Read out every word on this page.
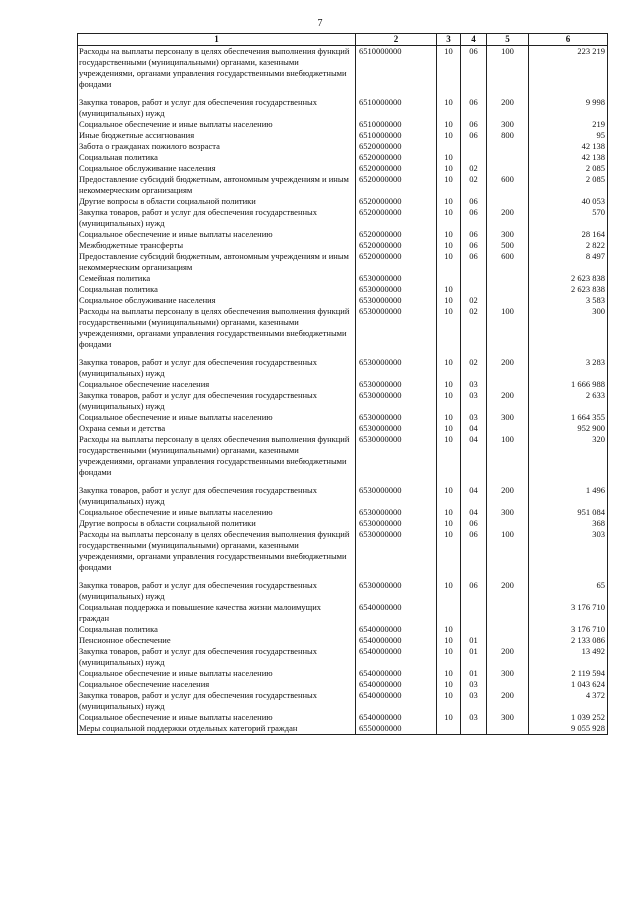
7
1	2	3	4	5	6
Расходы на выплаты персоналу в целях обеспечения выполнения функций государственными (муниципальными) органами, казенными учреждениями, органами управления государственными внебюджетными фондами	6510000000	10	06	100	223 219
Закупка товаров, работ и услуг для обеспечения государственных (муниципальных) нужд	6510000000	10	06	200	9 998
Социальное обеспечение и иные выплаты населению	6510000000	10	06	300	219
Иные бюджетные ассигнования	6510000000	10	06	800	95
Забота о гражданах пожилого возраста	6520000000				42 138
Социальная политика	6520000000	10			42 138
Социальное обслуживание населения	6520000000	10	02		2 085
Предоставление субсидий бюджетным, автономным учреждениям и иным некоммерческим организациям	6520000000	10	02	600	2 085
Другие вопросы в области социальной политики	6520000000	10	06		40 053
Закупка товаров, работ и услуг для обеспечения государственных (муниципальных) нужд	6520000000	10	06	200	570
Социальное обеспечение и иные выплаты населению	6520000000	10	06	300	28 164
Межбюджетные трансферты	6520000000	10	06	500	2 822
Предоставление субсидий бюджетным, автономным учреждениям и иным некоммерческим организациям	6520000000	10	06	600	8 497
Семейная политика	6530000000				2 623 838
Социальная политика	6530000000	10			2 623 838
Социальное обслуживание населения	6530000000	10	02		3 583
Расходы на выплаты персоналу в целях обеспечения выполнения функций государственными (муниципальными) органами, казенными учреждениями, органами управления государственными внебюджетными фондами	6530000000	10	02	100	300
Закупка товаров, работ и услуг для обеспечения государственных (муниципальных) нужд	6530000000	10	02	200	3 283
Социальное обеспечение населения	6530000000	10	03		1 666 988
Закупка товаров, работ и услуг для обеспечения государственных (муниципальных) нужд	6530000000	10	03	200	2 633
Социальное обеспечение и иные выплаты населению	6530000000	10	03	300	1 664 355
Охрана семьи и детства	6530000000	10	04		952 900
Расходы на выплаты персоналу в целях обеспечения выполнения функций государственными (муниципальными) органами, казенными учреждениями, органами управления государственными внебюджетными фондами	6530000000	10	04	100	320
Закупка товаров, работ и услуг для обеспечения государственных (муниципальных) нужд	6530000000	10	04	200	1 496
Социальное обеспечение и иные выплаты населению	6530000000	10	04	300	951 084
Другие вопросы в области социальной политики	6530000000	10	06		368
Расходы на выплаты персоналу в целях обеспечения выполнения функций государственными (муниципальными) органами, казенными учреждениями, органами управления государственными внебюджетными фондами	6530000000	10	06	100	303
Закупка товаров, работ и услуг для обеспечения государственных (муниципальных) нужд	6530000000	10	06	200	65
Социальная поддержка и повышение качества жизни малоимущих граждан	6540000000				3 176 710
Социальная политика	6540000000	10			3 176 710
Пенсионное обеспечение	6540000000	10	01		2 133 086
Закупка товаров, работ и услуг для обеспечения государственных (муниципальных) нужд	6540000000	10	01	200	13 492
Социальное обеспечение и иные выплаты населению	6540000000	10	01	300	2 119 594
Социальное обеспечение населения	6540000000	10	03		1 043 624
Закупка товаров, работ и услуг для обеспечения государственных (муниципальных) нужд	6540000000	10	03	200	4 372
Социальное обеспечение и иные выплаты населению	6540000000	10	03	300	1 039 252
Меры социальной поддержки отдельных категорий граждан	6550000000				9 055 928
